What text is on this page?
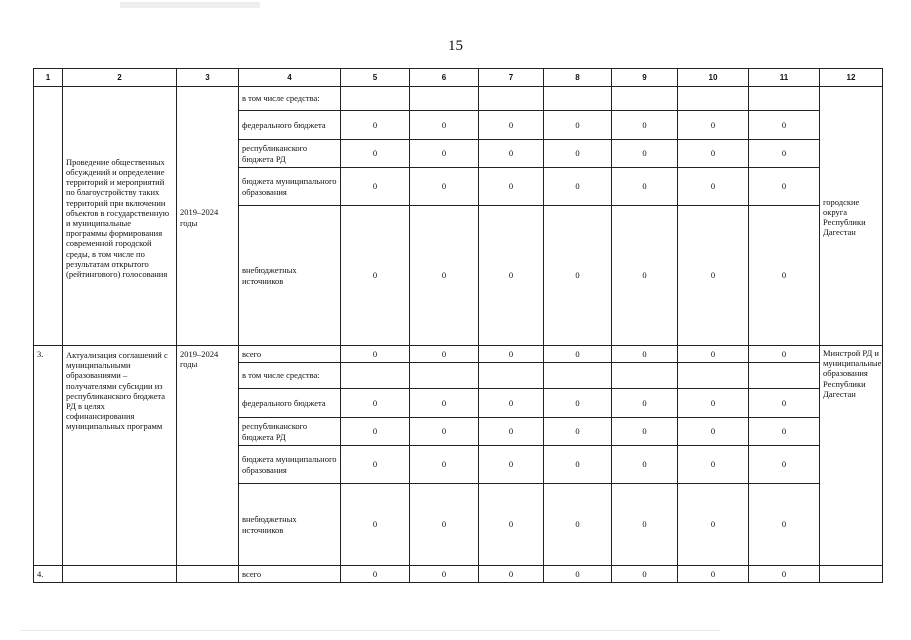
15
1	2	3	4	5	6	7	8	9	10	11	12
	Проведение общественных обсуждений и определение территорий и мероприятий по благоустройству таких территорий при включении объектов в государственную и муниципальные программы формирования современной городской среды, в том числе по результатам открытого (рейтингового) голосования	2019–2024 годы	в том числе средства:								городские округа Республики Дагестан
			федерального бюджета	0	0	0	0	0	0	0	
			республиканского бюджета РД	0	0	0	0	0	0	0	
			бюджета муниципального образования	0	0	0	0	0	0	0	
			внебюджетных источников	0	0	0	0	0	0	0	
3.	Актуализация соглашений с муниципальными образованиями – получателями субсидии из республиканского бюджета РД в целях софинансирования муниципальных программ	2019–2024 годы	всего	0	0	0	0	0	0	0	Минстрой РД и муниципальные образования Республики Дагестан
			в том числе средства:								
			федерального бюджета	0	0	0	0	0	0	0	
			республиканского бюджета РД	0	0	0	0	0	0	0	
			бюджета муниципального образования	0	0	0	0	0	0	0	
			внебюджетных источников	0	0	0	0	0	0	0	
4.			всего	0	0	0	0	0	0	0	
